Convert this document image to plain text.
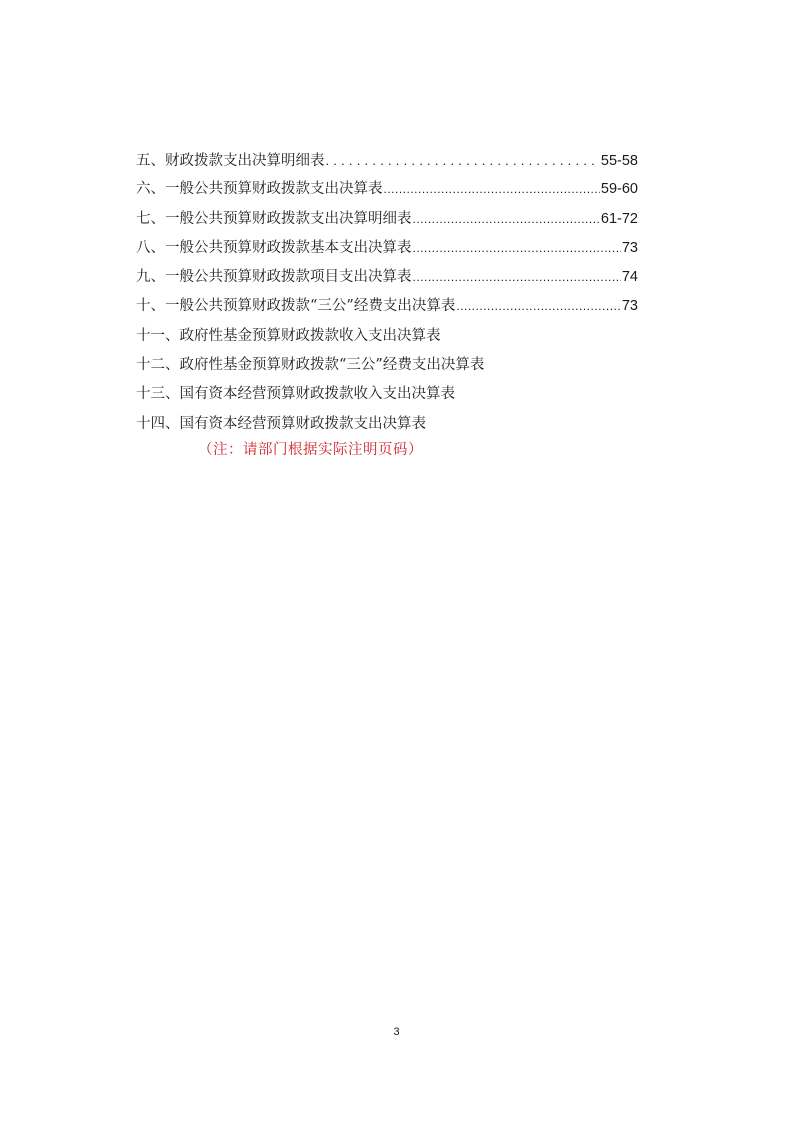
五、财政拨款支出决算明细表 .....	55-58
六、一般公共预算财政拨款支出决算表 .....	59-60
七、一般公共预算财政拨款支出决算明细表 .....	61-72
八、一般公共预算财政拨款基本支出决算表 .....	73
九、一般公共预算财政拨款项目支出决算表 .....	74
十、一般公共预算财政拨款“三公”经费支出决算表 .....	73
十一、政府性基金预算财政拨款收入支出决算表
十二、政府性基金预算财政拨款“三公”经费支出决算表
十三、国有资本经营预算财政拨款收入支出决算表
十四、国有资本经营预算财政拨款支出决算表
（注：请部门根据实际注明页码）
3
